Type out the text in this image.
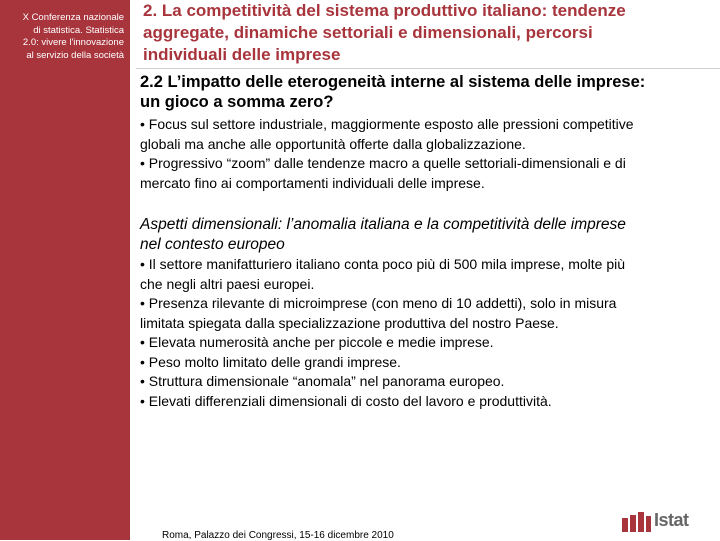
X Conferenza nazionale
di statistica. Statistica
2.0: vivere l'innovazione
al servizio della società
2. La competitività del sistema produttivo italiano: tendenze
aggregate, dinamiche settoriali e dimensionali, percorsi
individuali delle imprese
2.2 L’impatto delle eterogeneità interne al sistema delle imprese:
un gioco a somma zero?
• Focus sul settore industriale, maggiormente esposto alle pressioni competitive
globali ma anche alle opportunità offerte dalla globalizzazione.
• Progressivo “zoom” dalle tendenze macro a quelle settoriali-dimensionali e di
mercato fino ai comportamenti individuali delle imprese.
Aspetti dimensionali: l’anomalia italiana e la competitività delle imprese
nel contesto europeo
• Il settore manifatturiero italiano conta poco più di 500 mila imprese, molte più
che negli altri paesi europei.
• Presenza rilevante di microimprese (con meno di 10 addetti), solo in misura
limitata spiegata dalla specializzazione produttiva del nostro Paese.
• Elevata numerosità anche per piccole e medie imprese.
• Peso molto limitato delle grandi imprese.
• Struttura dimensionale “anomala” nel panorama europeo.
• Elevati differenziali dimensionali di costo del lavoro e produttività.
Roma, Palazzo dei Congressi, 15-16 dicembre 2010
Istat
